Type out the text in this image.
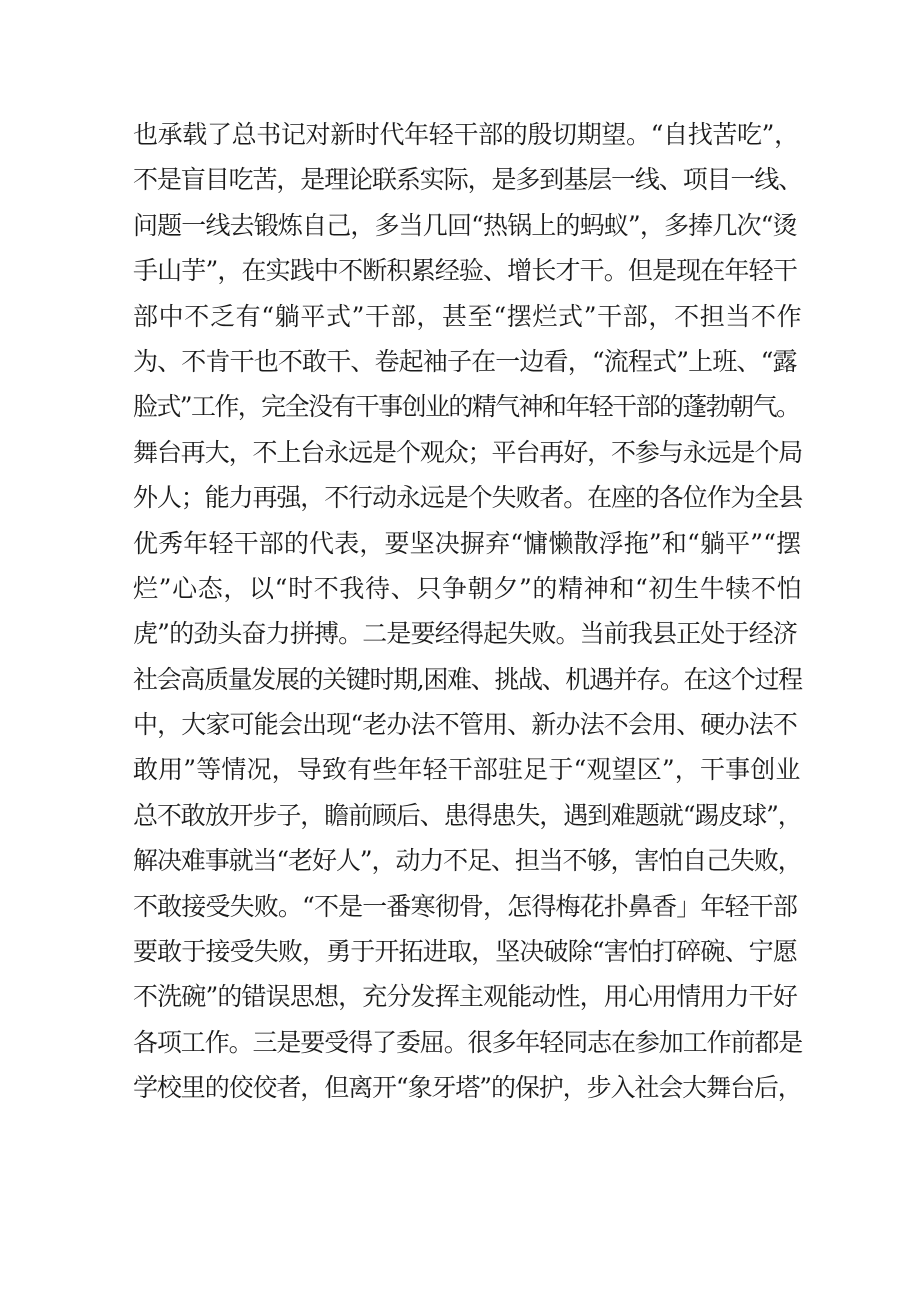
也承载了总书记对新时代年轻干部的殷切期望。“自找苦吃”，
不是盲目吃苦，是理论联系实际，是多到基层一线、项目一线、
问题一线去锻炼自己，多当几回“热锅上的蚂蚁”，多捧几次“烫
手山芋”，在实践中不断积累经验、增长才干。但是现在年轻干
部中不乏有“躺平式”干部，甚至“摆烂式”干部，不担当不作
为、不肯干也不敢干、卷起袖子在一边看，“流程式”上班、“露
脸式”工作，完全没有干事创业的精气神和年轻干部的蓬勃朝气。
舞台再大，不上台永远是个观众；平台再好，不参与永远是个局
外人；能力再强，不行动永远是个失败者。在座的各位作为全县
优秀年轻干部的代表，要坚决摒弃“慵懒散浮拖”和“躺平”“摆
烂”心态，以“时不我待、只争朝夕”的精神和“初生牛犊不怕
虎”的劲头奋力拼搏。二是要经得起失败。当前我县正处于经济
社会高质量发展的关键时期,困难、挑战、机遇并存。在这个过程
中，大家可能会出现“老办法不管用、新办法不会用、硬办法不
敢用”等情况，导致有些年轻干部驻足于“观望区”，干事创业
总不敢放开步子，瞻前顾后、患得患失，遇到难题就“踢皮球”，
解决难事就当“老好人”，动力不足、担当不够，害怕自己失败，
不敢接受失败。“不是一番寒彻骨，怎得梅花扑鼻香」年轻干部
要敢于接受失败，勇于开拓进取，坚决破除“害怕打碎碗、宁愿
不洗碗”的错误思想，充分发挥主观能动性，用心用情用力干好
各项工作。三是要受得了委屈。很多年轻同志在参加工作前都是
学校里的佼佼者，但离开“象牙塔”的保护，步入社会大舞台后，
